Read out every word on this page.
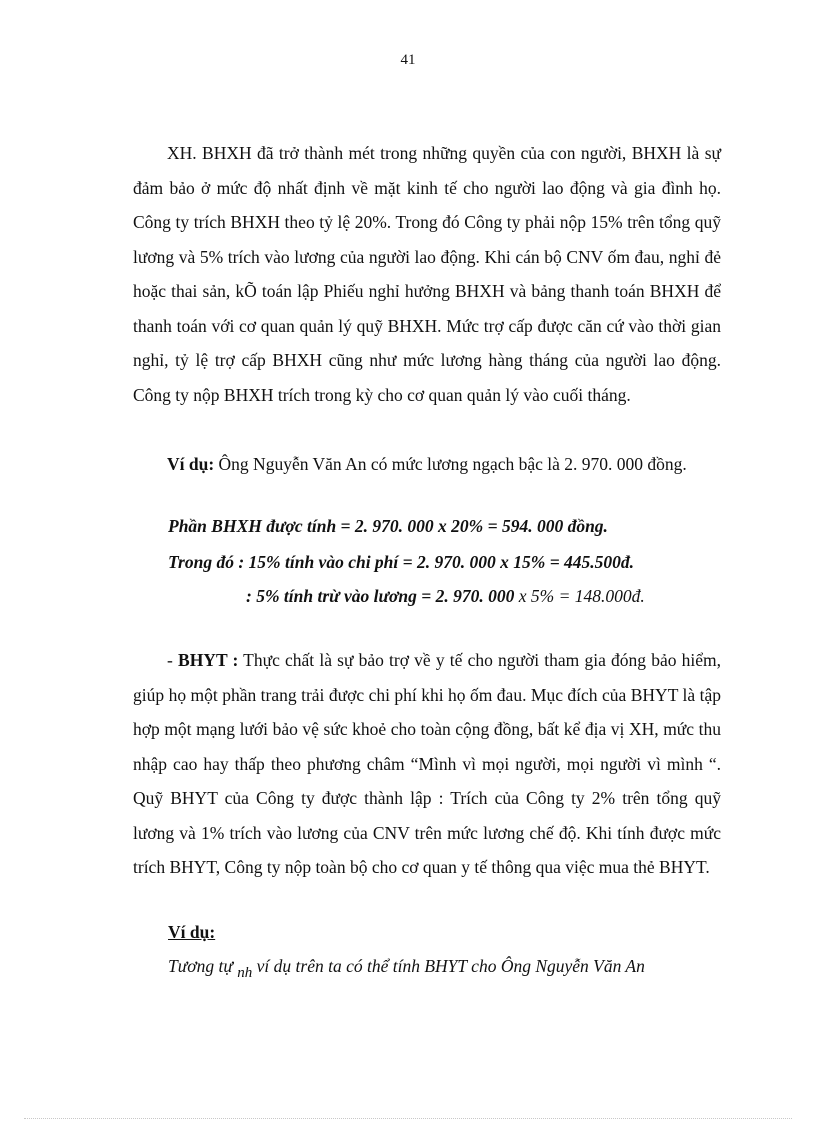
41

XH. BHXH đã trở thành mét trong những quyền của con người, BHXH là sự đảm bảo ở mức độ nhất định về mặt kinh tế cho người lao động và gia đình họ. Công ty trích BHXH theo tỷ lệ 20%. Trong đó Công ty phải nộp 15% trên tổng quỹ lương và 5% trích vào lương của người lao động. Khi cán bộ CNV ốm đau, nghỉ đẻ hoặc thai sản, kÕ toán lập Phiếu nghỉ hưởng BHXH và bảng thanh toán BHXH để thanh toán với cơ quan quản lý quỹ BHXH. Mức trợ cấp được căn cứ vào thời gian nghỉ, tỷ lệ trợ cấp BHXH cũng như mức lương hàng tháng của người lao động. Công ty nộp BHXH trích trong kỳ cho cơ quan quản lý vào cuối tháng.

Ví dụ: Ông Nguyễn Văn An có mức lương ngạch bậc là 2. 970. 000 đồng.

Phần BHXH được tính = 2. 970. 000 x 20% = 594. 000 đồng.
Trong đó : 15% tính vào chi phí = 2. 970. 000 x 15% = 445.500đ.
: 5% tính trừ vào lương = 2. 970. 000 x 5% = 148.000đ.

- BHYT : Thực chất là sự bảo trợ về y tế cho người tham gia đóng bảo hiểm, giúp họ một phần trang trải được chi phí khi họ ốm đau. Mục đích của BHYT là tập hợp một mạng lưới bảo vệ sức khoẻ cho toàn cộng đồng, bất kể địa vị XH, mức thu nhập cao hay thấp theo phương châm “Mình vì mọi người, mọi người vì mình “. Quỹ BHYT của Công ty được thành lập : Trích của Công ty 2% trên tổng quỹ lương và 1% trích vào lương của CNV trên mức lương chế độ. Khi tính được mức trích BHYT, Công ty nộp toàn bộ cho cơ quan y tế thông qua việc mua thẻ BHYT.

Ví dụ:
Tương tự nh ví dụ trên ta có thể tính BHYT cho Ông Nguyễn Văn An
